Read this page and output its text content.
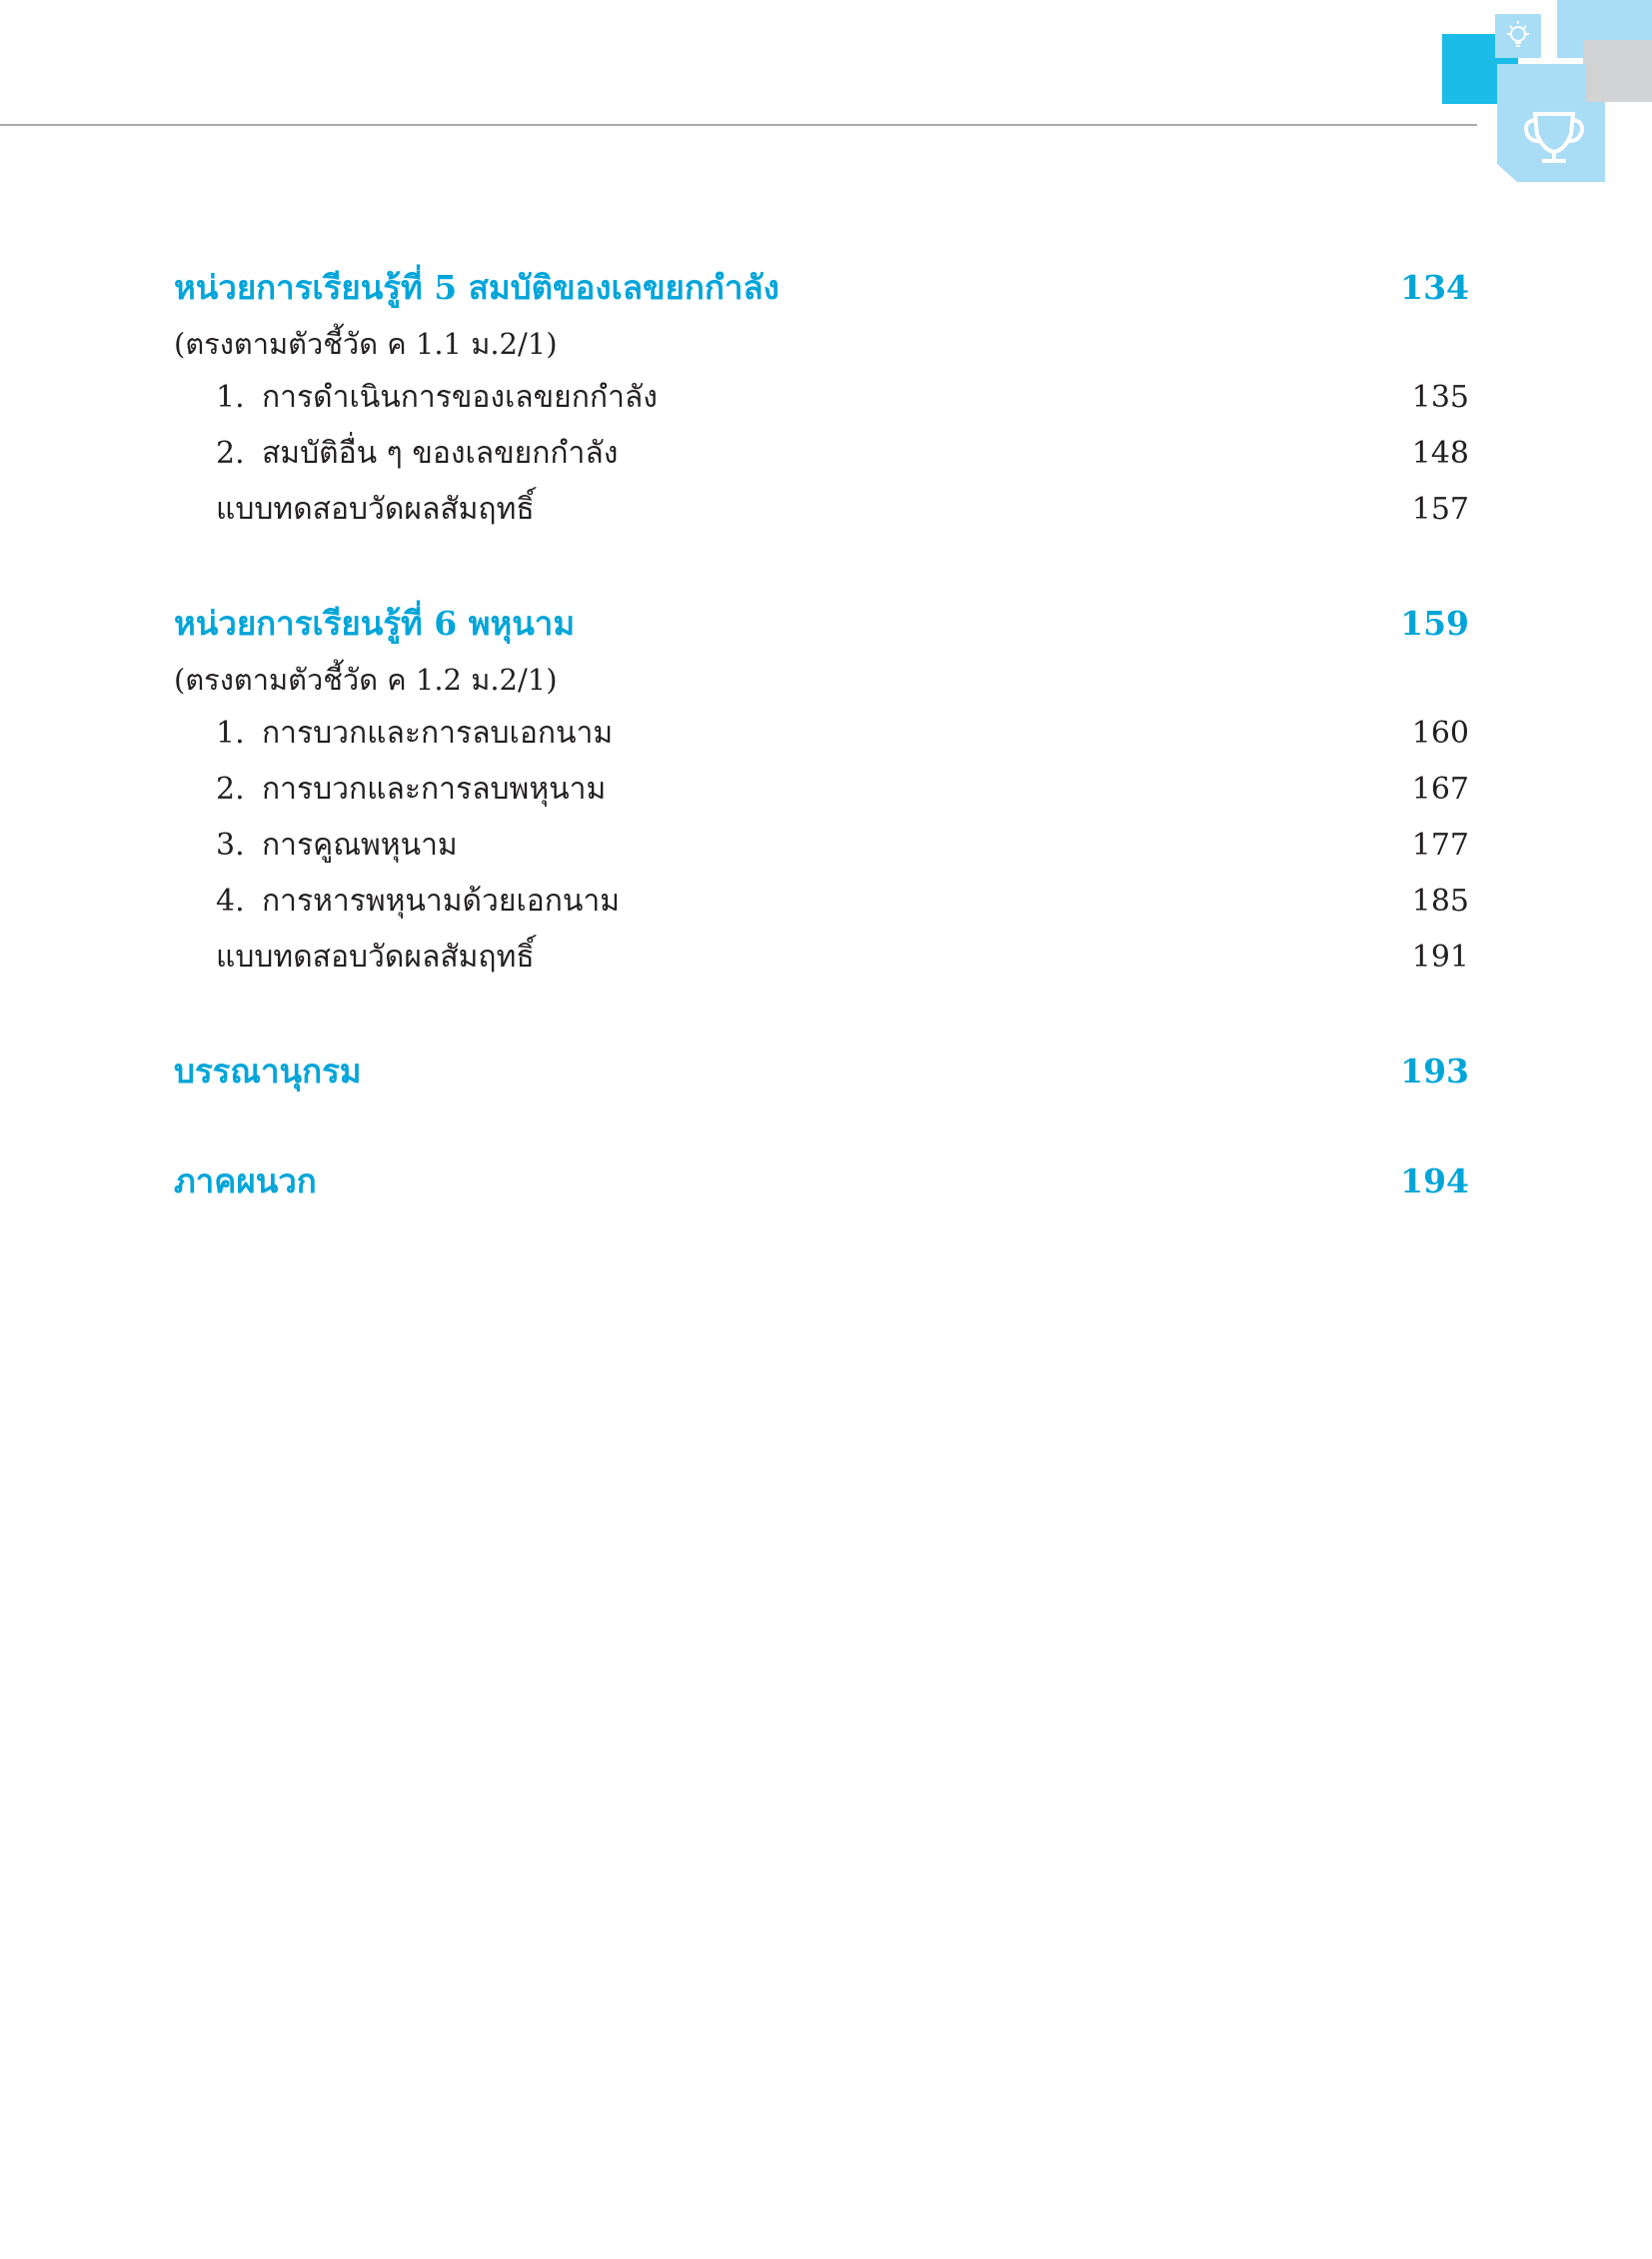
หน่วยการเรียนรู้ที่ 5 สมบัติของเลขยกกำลัง	134
(ตรงตามตัวชี้วัด ค 1.1 ม.2/1)
1. การดำเนินการของเลขยกกำลัง	135
2. สมบัติอื่น ๆ ของเลขยกกำลัง	148
แบบทดสอบวัดผลสัมฤทธิ์	157
หน่วยการเรียนรู้ที่ 6 พหุนาม	159
(ตรงตามตัวชี้วัด ค 1.2 ม.2/1)
1. การบวกและการลบเอกนาม	160
2. การบวกและการลบพหุนาม	167
3. การคูณพหุนาม	177
4. การหารพหุนามด้วยเอกนาม	185
แบบทดสอบวัดผลสัมฤทธิ์	191
บรรณานุกรม	193
ภาคผนวก	194
